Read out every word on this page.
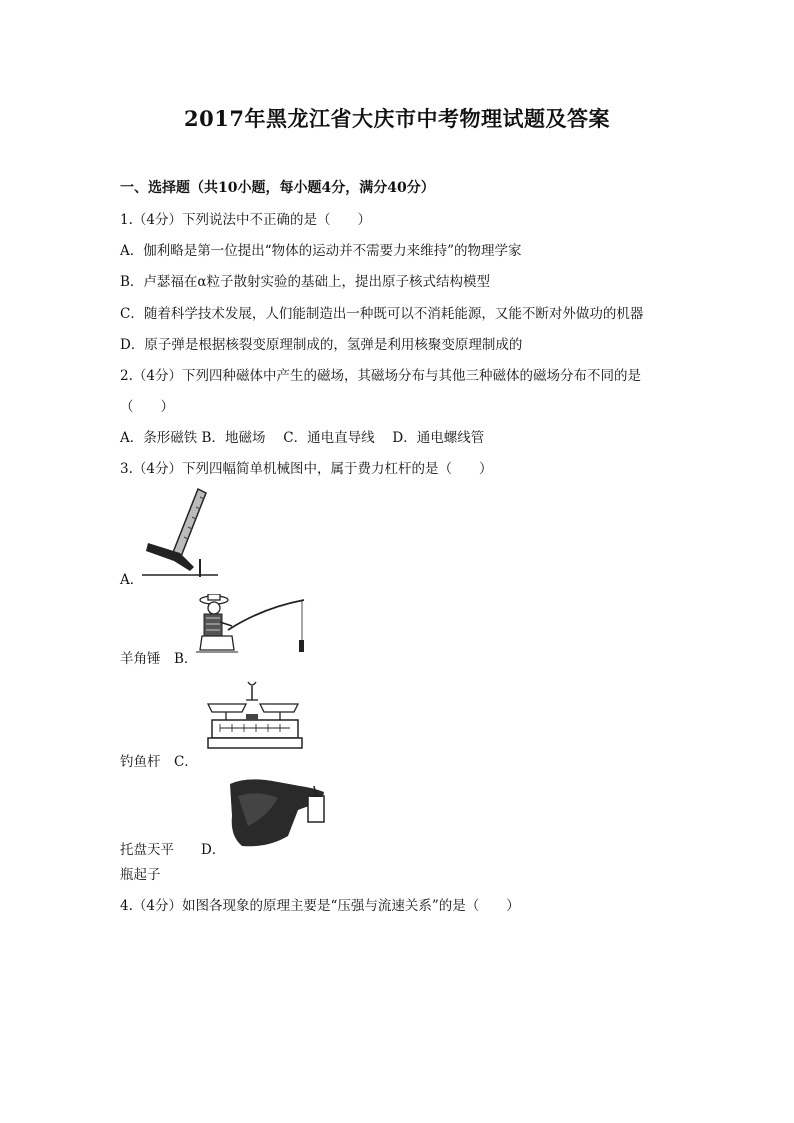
2017年黑龙江省大庆市中考物理试题及答案
一、选择题（共10小题，每小题4分，满分40分）
1.（4分）下列说法中不正确的是（　　）
A．伽利略是第一位提出“物体的运动并不需要力来维持”的物理学家
B．卢瑟福在α粒子散射实验的基础上，提出原子核式结构模型
C．随着科学技术发展，人们能制造出一种既可以不消耗能源，又能不断对外做功的机器
D．原子弹是根据核裂变原理制成的，氢弹是利用核聚变原理制成的
2.（4分）下列四种磁体中产生的磁场，其磁场分布与其他三种磁体的磁场分布不同的是
（　　）
A．条形磁铁 B．地磁场　 C．通电直导线　 D．通电螺线管
3.（4分）下列四幅简单机械图中，属于费力杠杆的是（　　）
A．
羊角锤　B．
钓鱼杆　C．
托盘天平　　D．
瓶起子
4.（4分）如图各现象的原理主要是“压强与流速关系”的是（　　）
